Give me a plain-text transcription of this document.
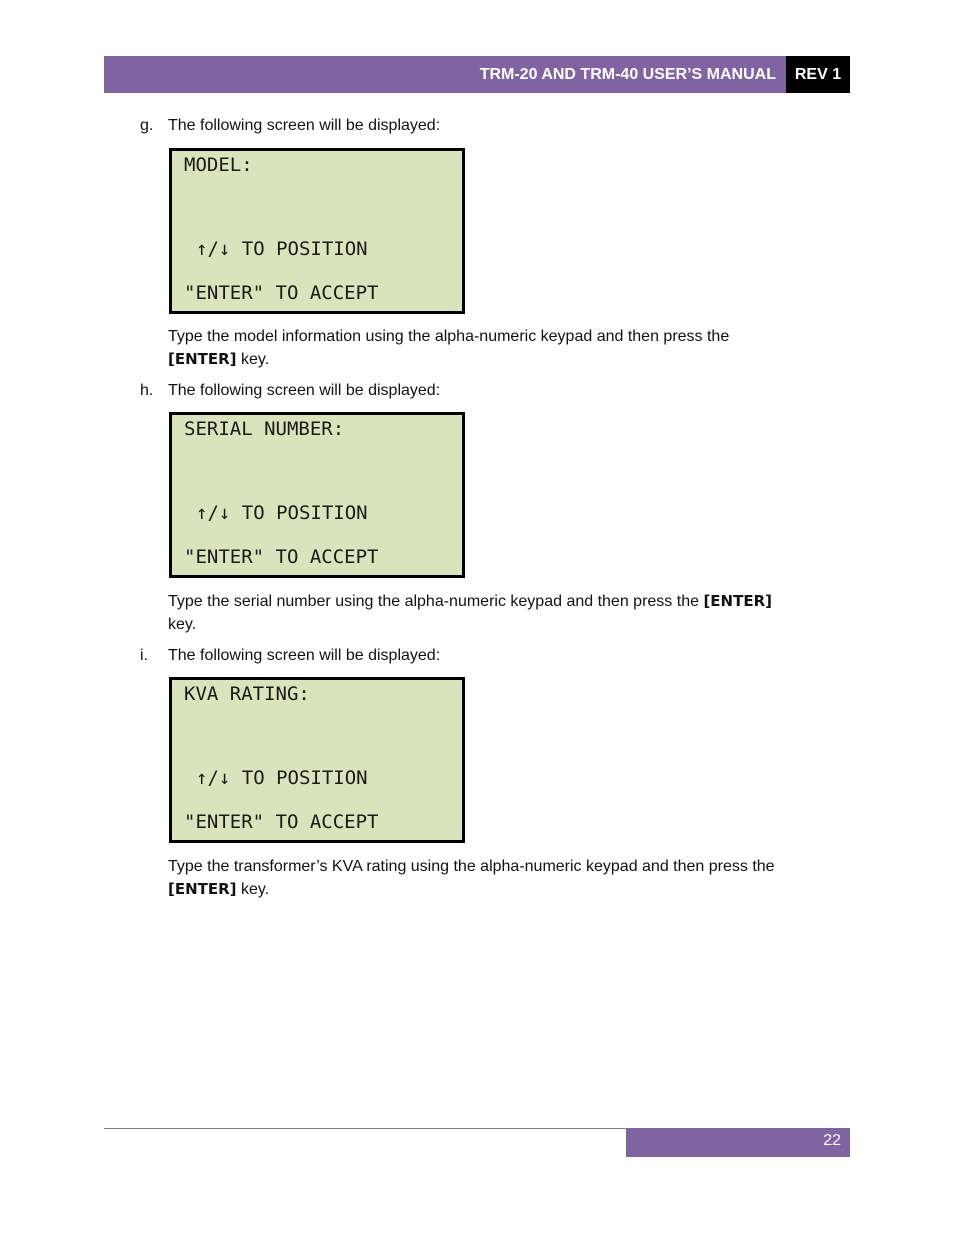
TRM-20 AND TRM-40 USER’S MANUAL	REV 1
g. The following screen will be displayed:
MODEL:
↑/↓ TO POSITION
"ENTER" TO ACCEPT
Type the model information using the alpha-numeric keypad and then press the
[ENTER] key.
h. The following screen will be displayed:
SERIAL NUMBER:
↑/↓ TO POSITION
"ENTER" TO ACCEPT
Type the serial number using the alpha-numeric keypad and then press the [ENTER]
key.
i. The following screen will be displayed:
KVA RATING:
↑/↓ TO POSITION
"ENTER" TO ACCEPT
Type the transformer’s KVA rating using the alpha-numeric keypad and then press the
[ENTER] key.
22
